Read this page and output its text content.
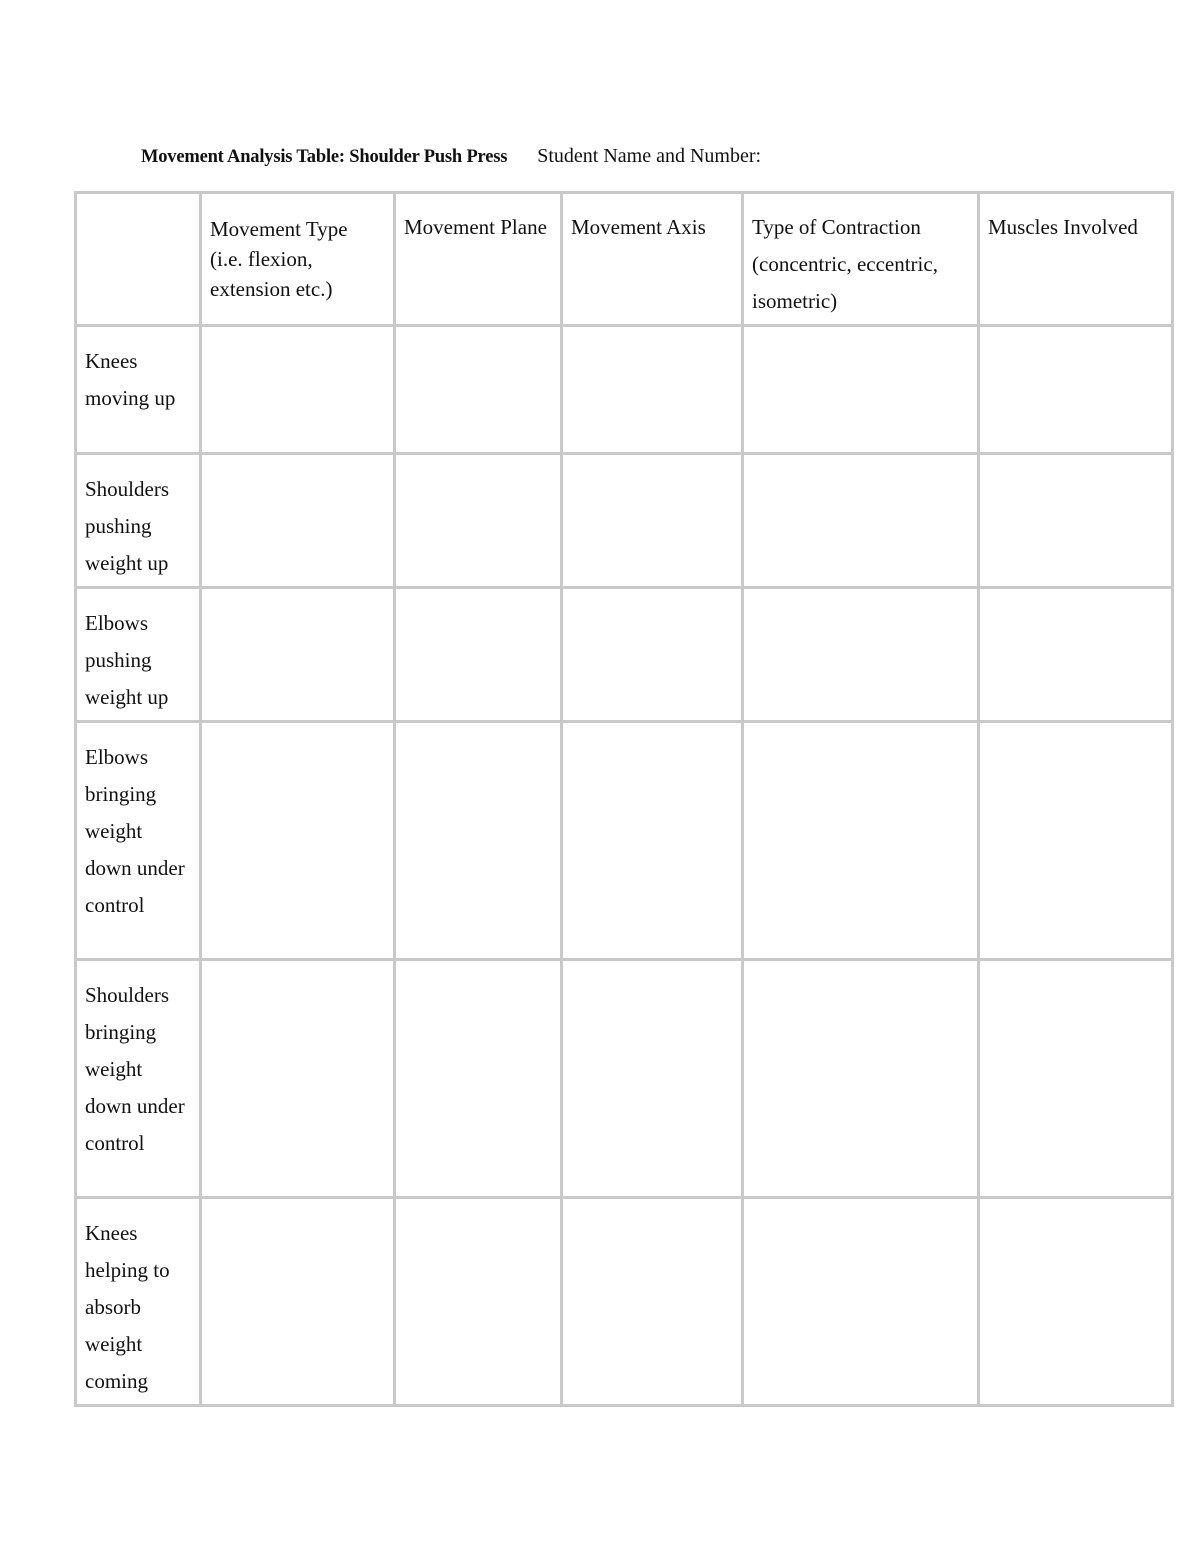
Movement Analysis Table: Shoulder Push Press Student Name and Number:
	Movement Type (i.e. flexion, extension etc.)	Movement Plane	Movement Axis	Type of Contraction (concentric, eccentric, isometric)	Muscles Involved

Knees moving up					

Shoulders pushing weight up					

Elbows pushing weight up					

Elbows bringing weight down under control					

Shoulders bringing weight down under control					

Knees helping to absorb weight coming					
